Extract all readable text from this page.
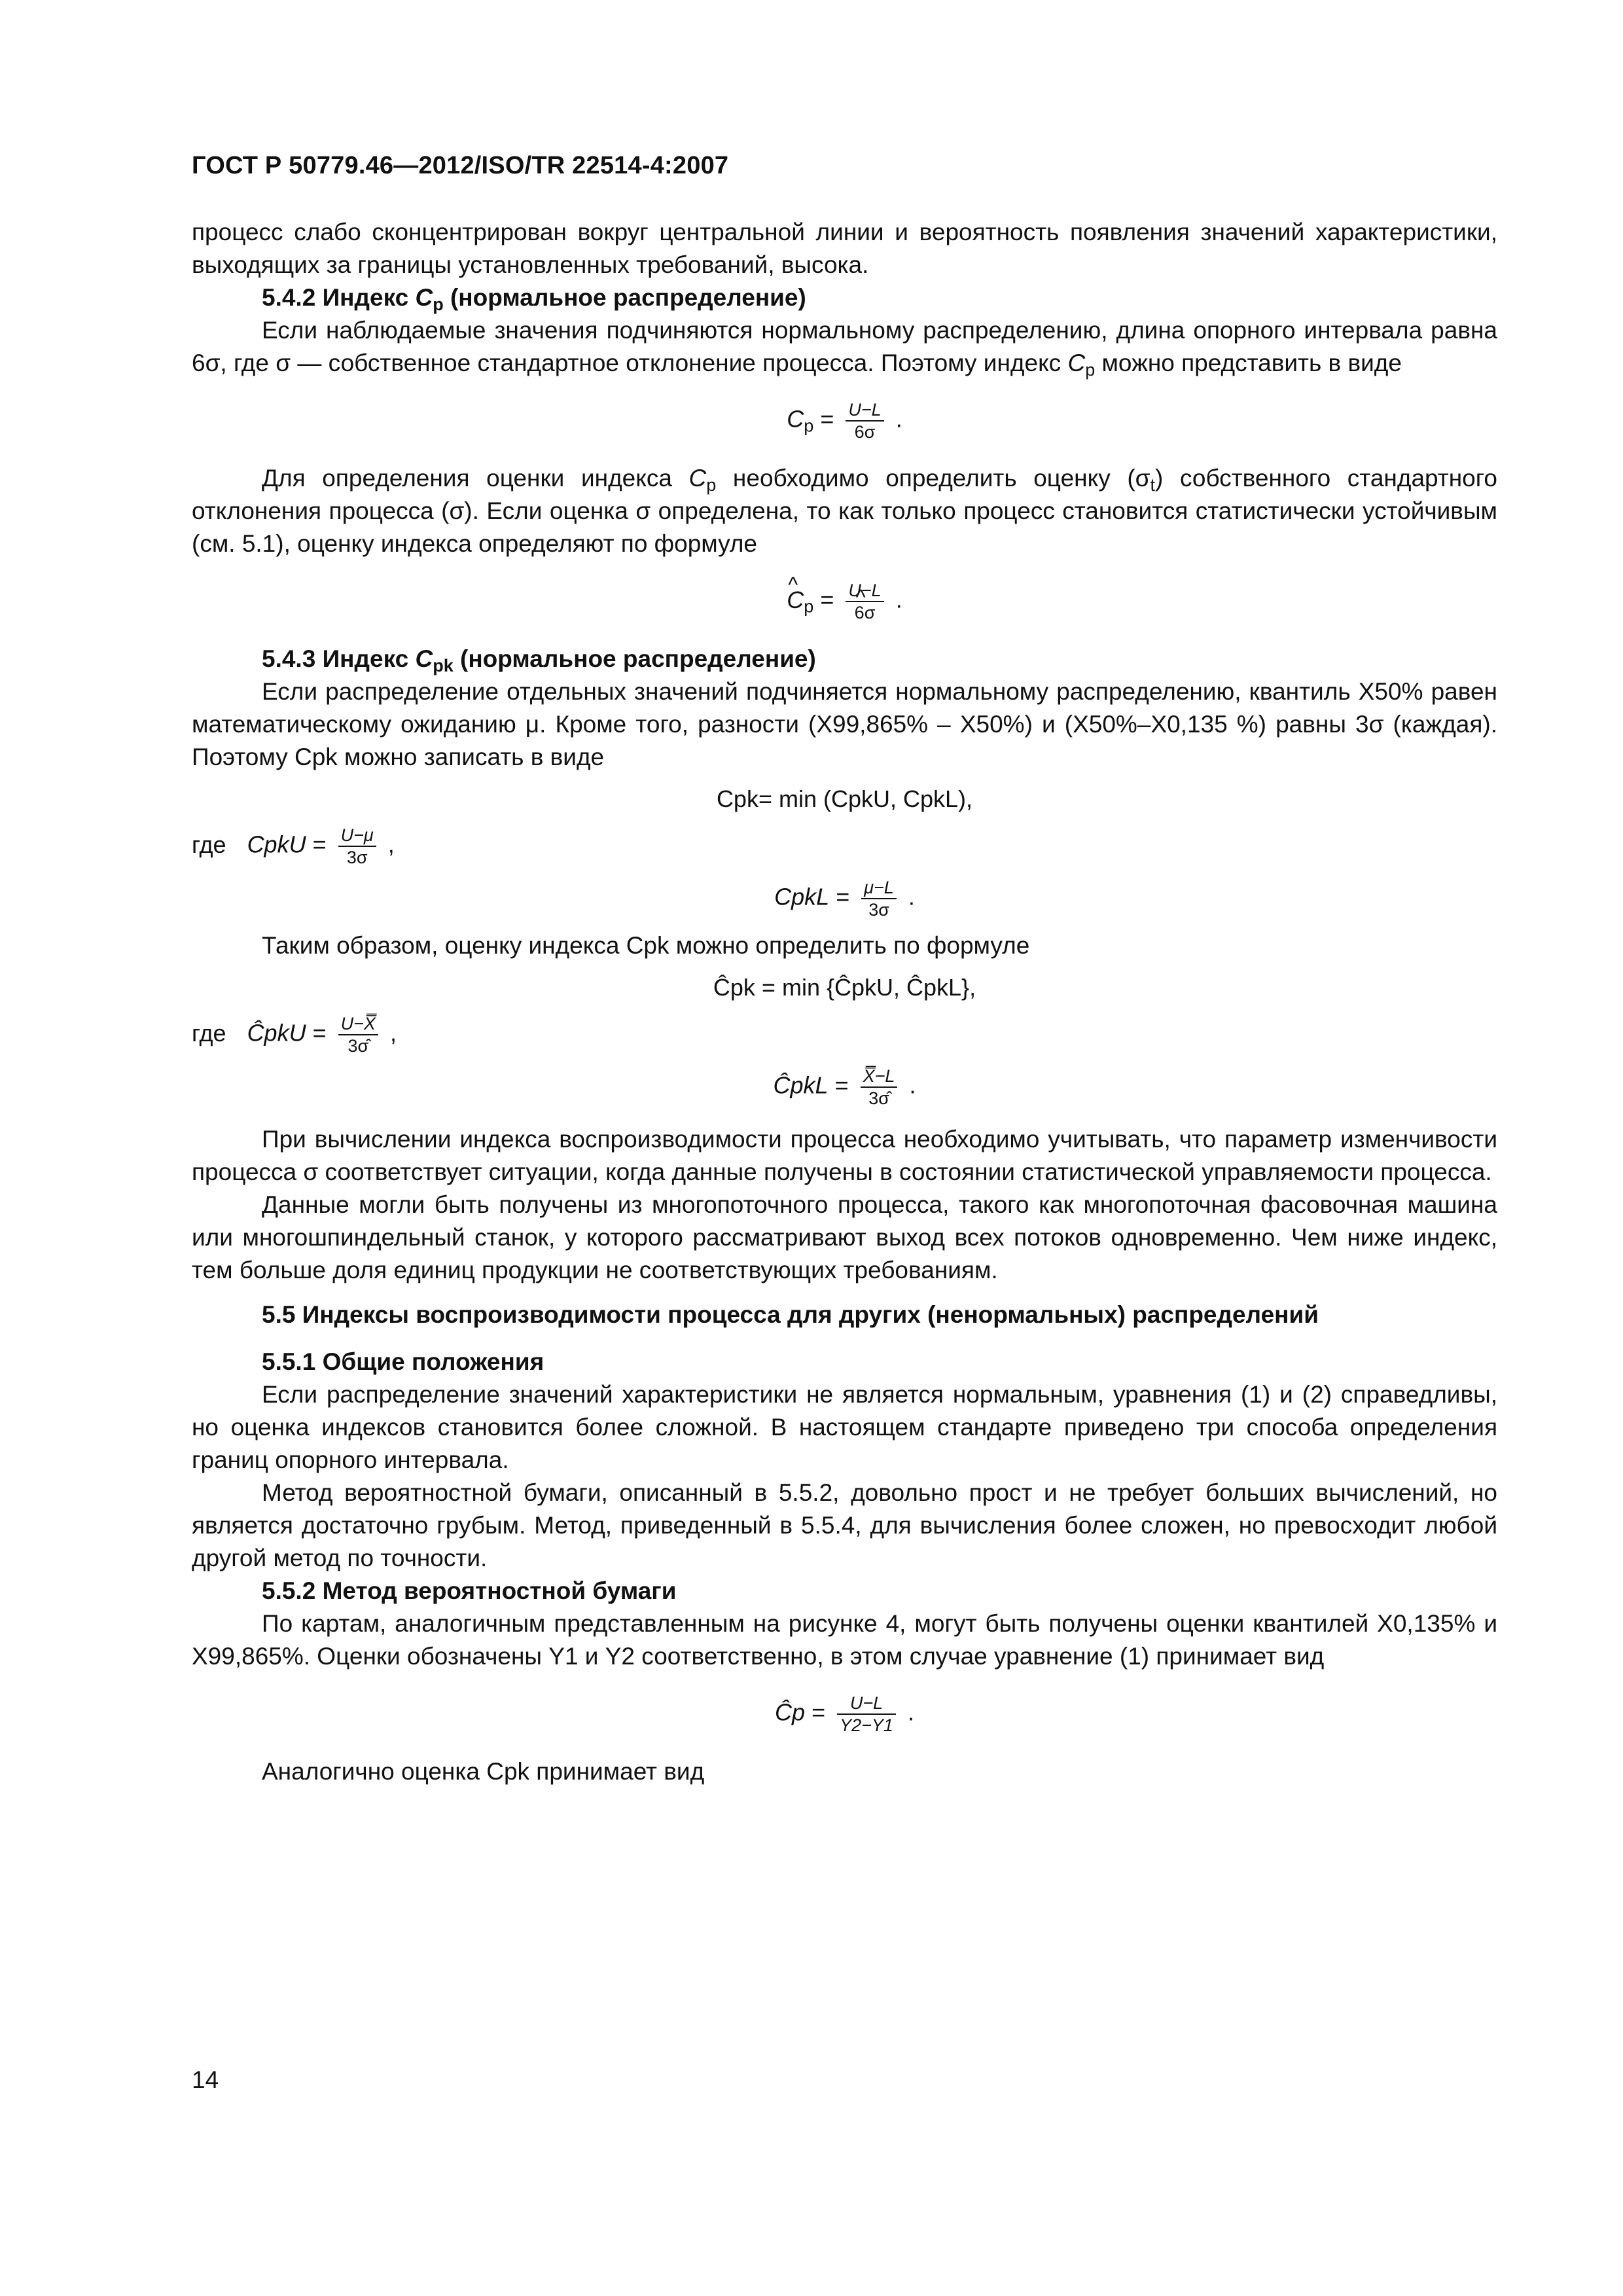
ГОСТ Р 50779.46—2012/ISO/TR 22514-4:2007

процесс слабо сконцентрирован вокруг центральной линии и вероятность появления значений характеристики, выходящих за границы установленных требований, высока.

5.4.2 Индекс $C_p$ (нормальное распределение)

Если наблюдаемые значения подчиняются нормальному распределению, длина опорного интервала равна 6σ, где σ — собственное стандартное отклонение процесса. Поэтому индекс $C_p$ можно представить в виде

$C_p = \frac{U-L}{6\sigma}$ .

Для определения оценки индекса $C_p$ необходимо определить оценку $(\sigma_t)$ собственного стандартного отклонения процесса (σ). Если оценка σ определена, то как только процесс становится статистически устойчивым (см. 5.1), оценку индекса определяют по формуле

^ $C_p = U-L$
^ 6σ .

5.4.3 Индекс $C_{pk}$ (нормальное распределение)

Если распределение отдельных значений подчиняется нормальному распределению, квантиль X50% равен математическому ожиданию μ. Кроме того, разности (X99,865% – X50%) и (X50%–X0,135 %) равны 3σ (каждая). Поэтому Cpk можно записать в виде

Cpk= min (CpkU, CpkL),
где CpkU = $\frac{U-\mu}{3\sigma}$ ,
CpkL = $\frac{\mu-L}{3\sigma}$ .

Таким образом, оценку индекса Cpk можно определить по формуле

Ĉpk = min {ĈpkU, ĈpkL},
где ĈpkU = $\frac{U-X̿}{3\sigmâ}$ ,
ĈpkL = $\frac{X̿-L}{3\sigmâ}$ .

При вычислении индекса воспроизводимости процесса необходимо учитывать, что параметр изменчивости процесса σ соответствует ситуации, когда данные получены в состоянии статистической управляемости процесса.

Данные могли быть получены из многопоточного процесса, такого как многопоточная фасовочная машина или многошпиндельный станок, у которого рассматривают выход всех потоков одновременно. Чем ниже индекс, тем больше доля единиц продукции не соответствующих требованиям.

5.5 Индексы воспроизводимости процесса для других (ненормальных) распределений

5.5.1 Общие положения

Если распределение значений характеристики не является нормальным, уравнения (1) и (2) справедливы, но оценка индексов становится более сложной. В настоящем стандарте приведено три способа определения границ опорного интервала.

Метод вероятностной бумаги, описанный в 5.5.2, довольно прост и не требует больших вычислений, но является достаточно грубым. Метод, приведенный в 5.5.4, для вычисления более сложен, но превосходит любой другой метод по точности.

5.5.2 Метод вероятностной бумаги

По картам, аналогичным представленным на рисунке 4, могут быть получены оценки квантилей X0,135% и X99,865%. Оценки обозначены Y1 и Y2 соответственно, в этом случае уравнение (1) принимает вид

Ĉp = $\frac{U-L}{Y2-Y1}$ .

Аналогично оценка Cpk принимает вид

14
